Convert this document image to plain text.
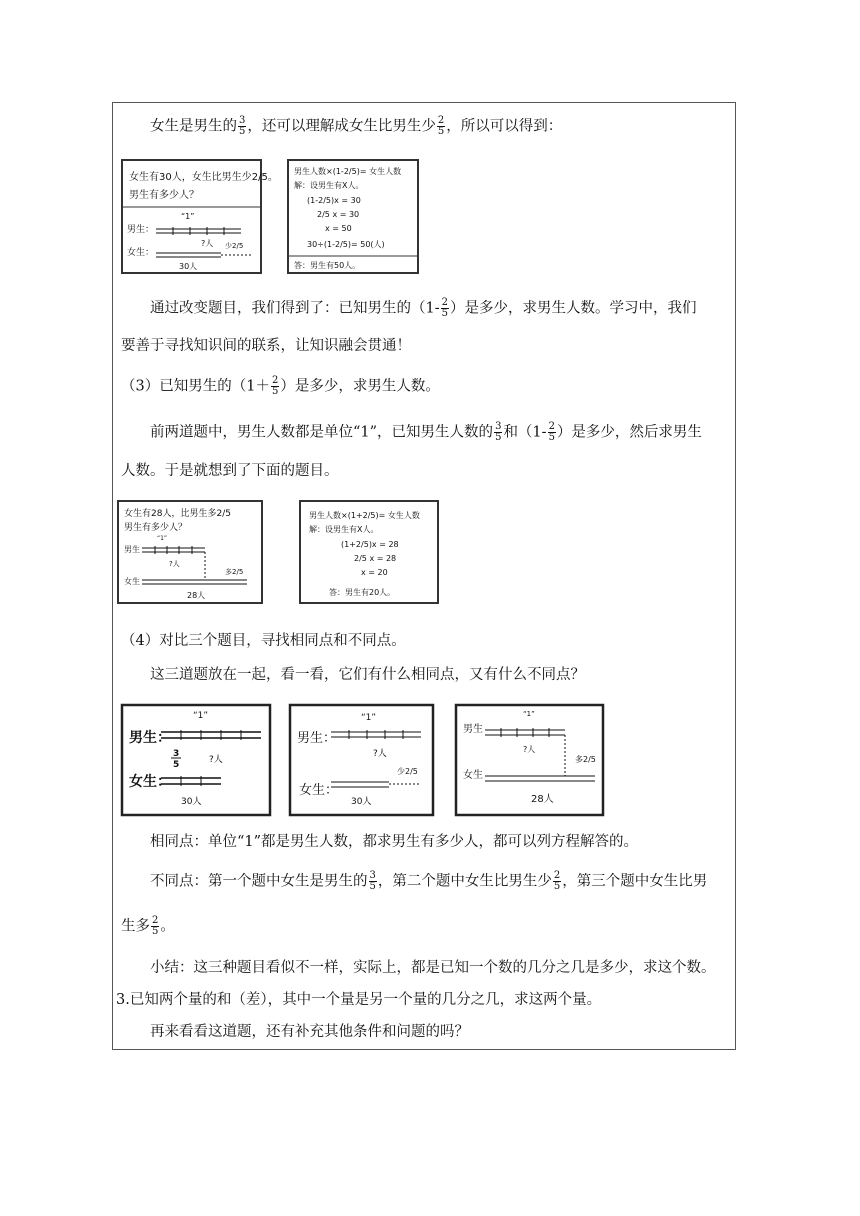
女生是男生的 $\frac{3}{5}$ ，还可以理解成女生比男生少 $\frac{2}{5}$ ，所以可以得到：
女生有30人，女生比男生少2/5。
男生有多少人？
“1”
男生：
?人
女生：
少2/5
30人
男生人数×(1-2/5)= 女生人数
解：设男生有X人。
(1-2/5)x = 30
2/5 x = 30
x = 50
30÷(1-2/5)= 50(人)
答：男生有50人。
通过改变题目，我们得到了：已知男生的（$1- \frac{2}{5}$ ）是多少，求男生人数。学习中，我们
要善于寻找知识间的联系，让知识融会贯通！
（3）已知男生的（$1+ \frac{2}{5}$ ）是多少，求男生人数。
前两道题中，男生人数都是单位“1”，已知男生人数的 $\frac{3}{5}$ 和（$1- \frac{2}{5}$ ）是多少，然后求男生
人数。于是就想到了下面的题目。
女生有28人，比男生多2/5
男生有多少人？
“1”
男生
?人
女生
多2/5
28人
男生人数×(1+2/5)= 女生人数
解：设男生有X人。
(1+2/5)x = 28
2/5 x = 28
x = 20
答：男生有20人。
（4）对比三个题目，寻找相同点和不同点。
这三道题放在一起，看一看，它们有什么相同点，又有什么不同点？
“1”
男生：
3
5	?人
女生：
30人
“1”
男生：
?人
少2/5
女生：
30人
“1”
男生
?人
多2/5
女生
28人
相同点：单位“1”都是男生人数，都求男生有多少人，都可以列方程解答的。
不同点：第一个题中女生是男生的 $\frac{3}{5}$ ，第二个题中女生比男生少 $\frac{2}{5}$ ，第三个题中女生比男
生多 $\frac{2}{5}$ 。
小结：这三种题目看似不一样，实际上，都是已知一个数的几分之几是多少，求这个数。
3.已知两个量的和（差），其中一个量是另一个量的几分之几，求这两个量。
再来看看这道题，还有补充其他条件和问题的吗？
